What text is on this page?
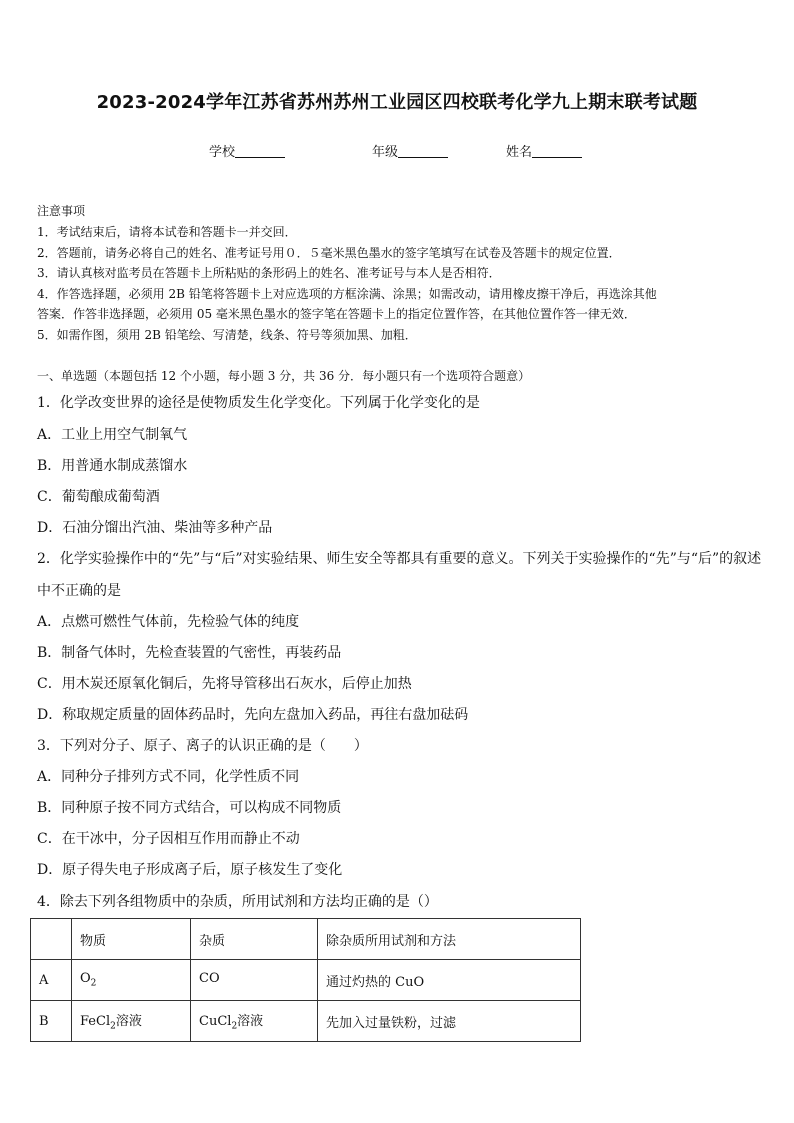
2023-2024学年江苏省苏州苏州工业园区四校联考化学九上期末联考试题
学校	年级	姓名
注意事项
1．考试结束后，请将本试卷和答题卡一并交回．
2．答题前，请务必将自己的姓名、准考证号用０．５毫米黑色墨水的签字笔填写在试卷及答题卡的规定位置．
3．请认真核对监考员在答题卡上所粘贴的条形码上的姓名、准考证号与本人是否相符．
4．作答选择题，必须用 2B 铅笔将答题卡上对应选项的方框涂满、涂黑；如需改动，请用橡皮擦干净后，再选涂其他
答案．作答非选择题，必须用 05 毫米黑色墨水的签字笔在答题卡上的指定位置作答，在其他位置作答一律无效．
5．如需作图，须用 2B 铅笔绘、写清楚，线条、符号等须加黑、加粗．
一、单选题（本题包括 12 个小题，每小题 3 分，共 36 分．每小题只有一个选项符合题意）
1．化学改变世界的途径是使物质发生化学变化。下列属于化学变化的是
A．工业上用空气制氧气
B．用普通水制成蒸馏水
C．葡萄酿成葡萄酒
D．石油分馏出汽油、柴油等多种产品
2．化学实验操作中的“先”与“后”对实验结果、师生安全等都具有重要的意义。下列关于实验操作的“先”与“后”的叙述
中不正确的是
A．点燃可燃性气体前，先检验气体的纯度
B．制备气体时，先检查装置的气密性，再装药品
C．用木炭还原氧化铜后，先将导管移出石灰水，后停止加热
D．称取规定质量的固体药品时，先向左盘加入药品，再往右盘加砝码
3．下列对分子、原子、离子的认识正确的是（　　）
A．同种分子排列方式不同，化学性质不同
B．同种原子按不同方式结合，可以构成不同物质
C．在干冰中，分子因相互作用而静止不动
D．原子得失电子形成离子后，原子核发生了变化
4．除去下列各组物质中的杂质，所用试剂和方法均正确的是（）
	物质	杂质	除杂质所用试剂和方法
A	$O_2$	CO	通过灼热的 CuO
B	FeCl$_2$溶液	CuCl$_2$溶液	先加入过量铁粉，过滤
